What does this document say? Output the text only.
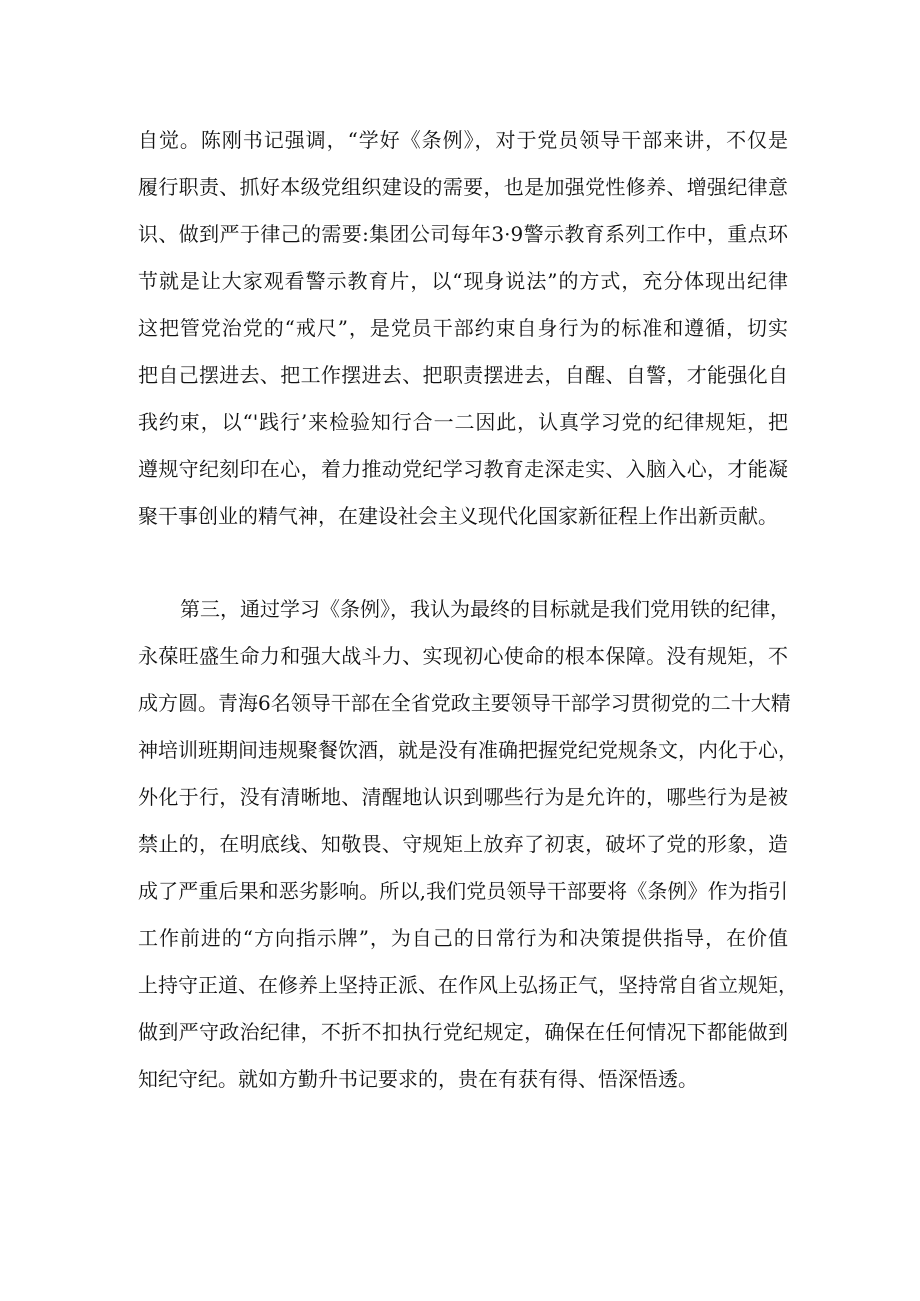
自觉。陈刚书记强调，“学好《条例》，对于党员领导干部来讲，不仅是
履行职责、抓好本级党组织建设的需要，也是加强党性修养、增强纪律意
识、做到严于律己的需要:集团公司每年3·9警示教育系列工作中，重点环
节就是让大家观看警示教育片，以“现身说法”的方式，充分体现出纪律
这把管党治党的“戒尺”，是党员干部约束自身行为的标准和遵循，切实
把自己摆进去、把工作摆进去、把职责摆进去，自醒、自警，才能强化自
我约束，以“'践行’来检验知行合一二因此，认真学习党的纪律规矩，把
遵规守纪刻印在心，着力推动党纪学习教育走深走实、入脑入心，才能凝
聚干事创业的精气神，在建设社会主义现代化国家新征程上作出新贡献。
第三，通过学习《条例》，我认为最终的目标就是我们党用铁的纪律，
永葆旺盛生命力和强大战斗力、实现初心使命的根本保障。没有规矩，不
成方圆。青海6名领导干部在全省党政主要领导干部学习贯彻党的二十大精
神培训班期间违规聚餐饮酒，就是没有准确把握党纪党规条文，内化于心，
外化于行，没有清晰地、清醒地认识到哪些行为是允许的，哪些行为是被
禁止的，在明底线、知敬畏、守规矩上放弃了初衷，破坏了党的形象，造
成了严重后果和恶劣影响。所以,我们党员领导干部要将《条例》作为指引
工作前进的“方向指示牌”，为自己的日常行为和决策提供指导，在价值
上持守正道、在修养上坚持正派、在作风上弘扬正气，坚持常自省立规矩，
做到严守政治纪律，不折不扣执行党纪规定，确保在任何情况下都能做到
知纪守纪。就如方勤升书记要求的，贵在有获有得、悟深悟透。
